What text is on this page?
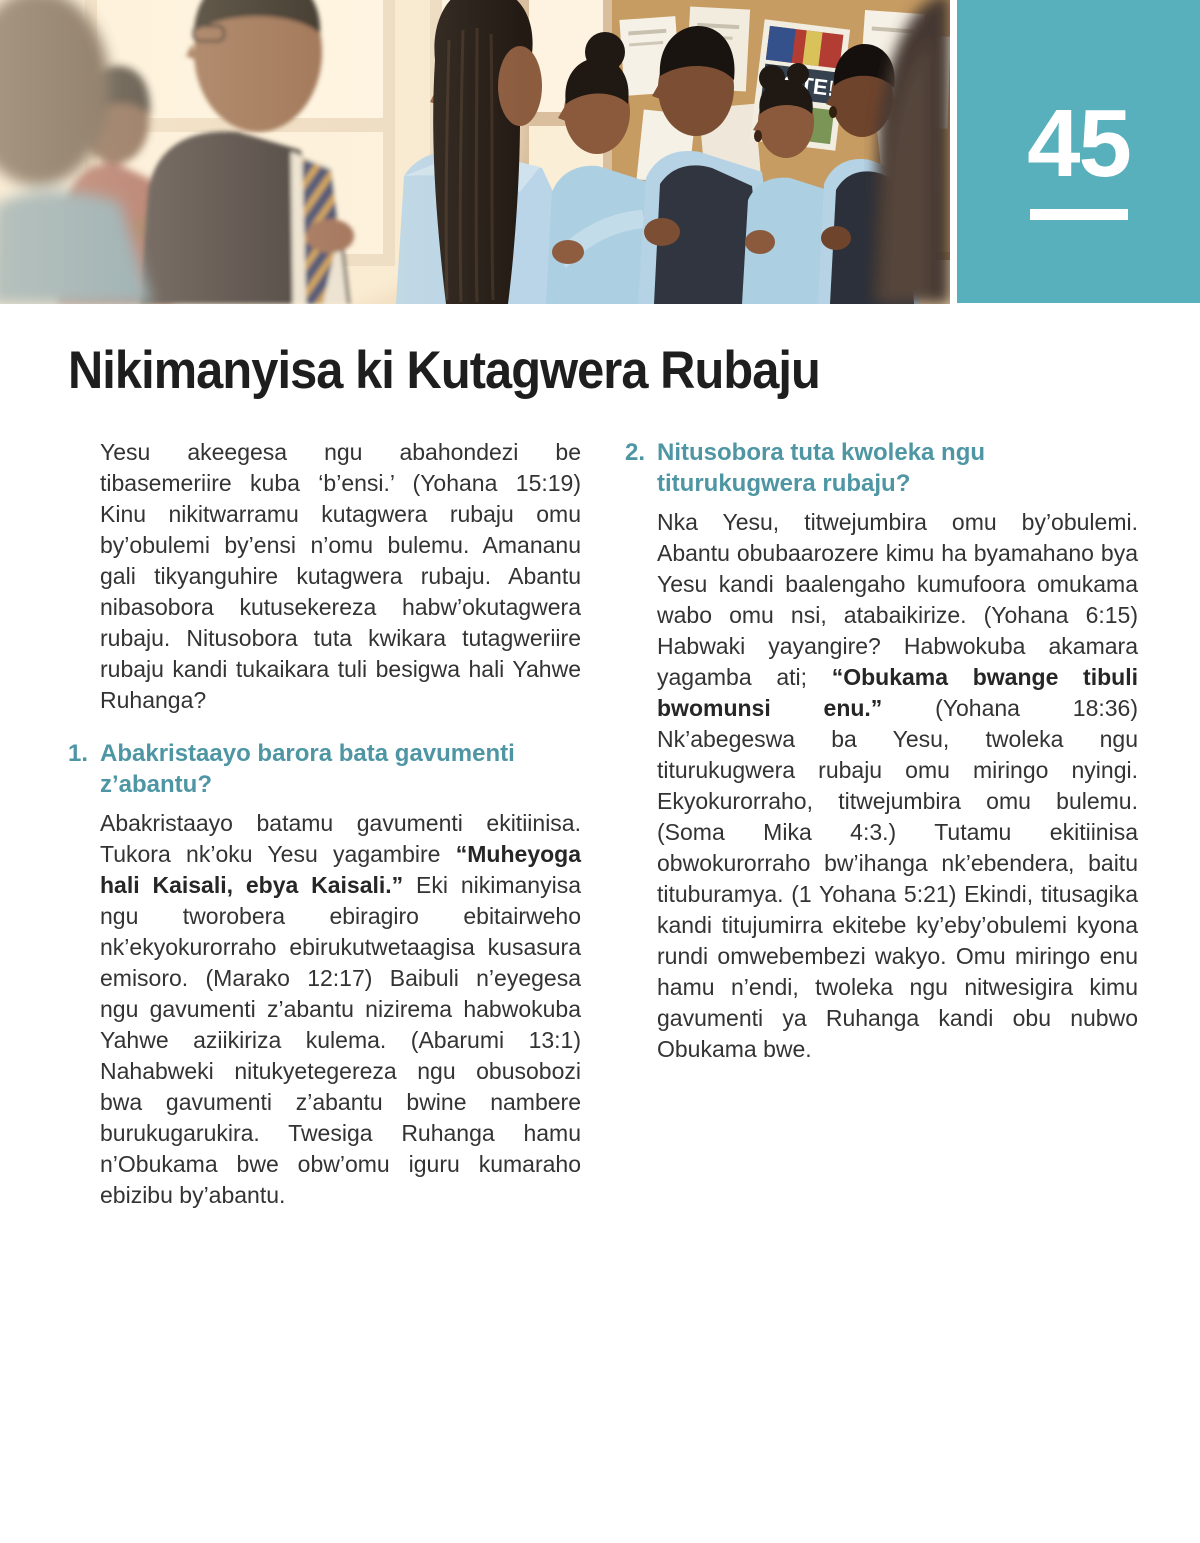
45
Nikimanyisa ki Kutagwera Rubaju

Yesu akeegesa ngu abahondezi be tibasemeriire kuba ‘b’ensi.’ (Yohana 15:19) Kinu nikitwarramu kutagwera rubaju omu by’obulemi by’ensi n’omu bulemu. Amananu gali tikyanguhire kutagwera rubaju. Abantu nibasobora kutusekereza habw’okutagwera rubaju. Nitusobora tuta kwikara tutagweriire rubaju kandi tukaikara tuli besigwa hali Yahwe Ruhanga?

1. Abakristaayo barora bata gavumenti z’abantu?

Abakristaayo batamu gavumenti ekitiinisa. Tukora nk’oku Yesu yagambire “Muheyoga hali Kaisali, ebya Kaisali.” Eki nikimanyisa ngu tworobera ebiragiro ebitairweho nk’ekyokurorraho ebirukutwetaagisa kusasura emisoro. (Marako 12:17) Baibuli n’eyegesa ngu gavumenti z’abantu nizirema habwokuba Yahwe aziikiriza kulema. (Abarumi 13:1) Nahabweki nitukyetegereza ngu obusobozi bwa gavumenti z’abantu bwine nambere burukugarukira. Twesiga Ruhanga hamu n’Obukama bwe obw’omu iguru kumaraho ebizibu by’abantu.

2. Nitusobora tuta kwoleka ngu titurukugwera rubaju?

Nka Yesu, titwejumbira omu by’obulemi. Abantu obubaarozere kimu ha byamahano bya Yesu kandi baalengaho kumufoora omukama wabo omu nsi, atabaikirize. (Yohana 6:15) Habwaki yayangire? Habwokuba akamara yagamba ati; “Obukama bwange tibuli bwomunsi enu.” (Yohana 18:36) Nk’abegeswa ba Yesu, twoleka ngu titurukugwera rubaju omu miringo nyingi. Ekyokurorraho, titwejumbira omu bulemu. (Soma Mika 4:3.) Tutamu ekitiinisa obwokurorraho bw’ihanga nk’ebendera, baitu tituburamya. (1 Yohana 5:21) Ekindi, titusagika kandi titujumirra ekitebe ky’eby’obulemi kyona rundi omwebembezi wakyo. Omu miringo enu hamu n’endi, twoleka ngu nitwesigira kimu gavumenti ya Ruhanga kandi obu nubwo Obukama bwe.
